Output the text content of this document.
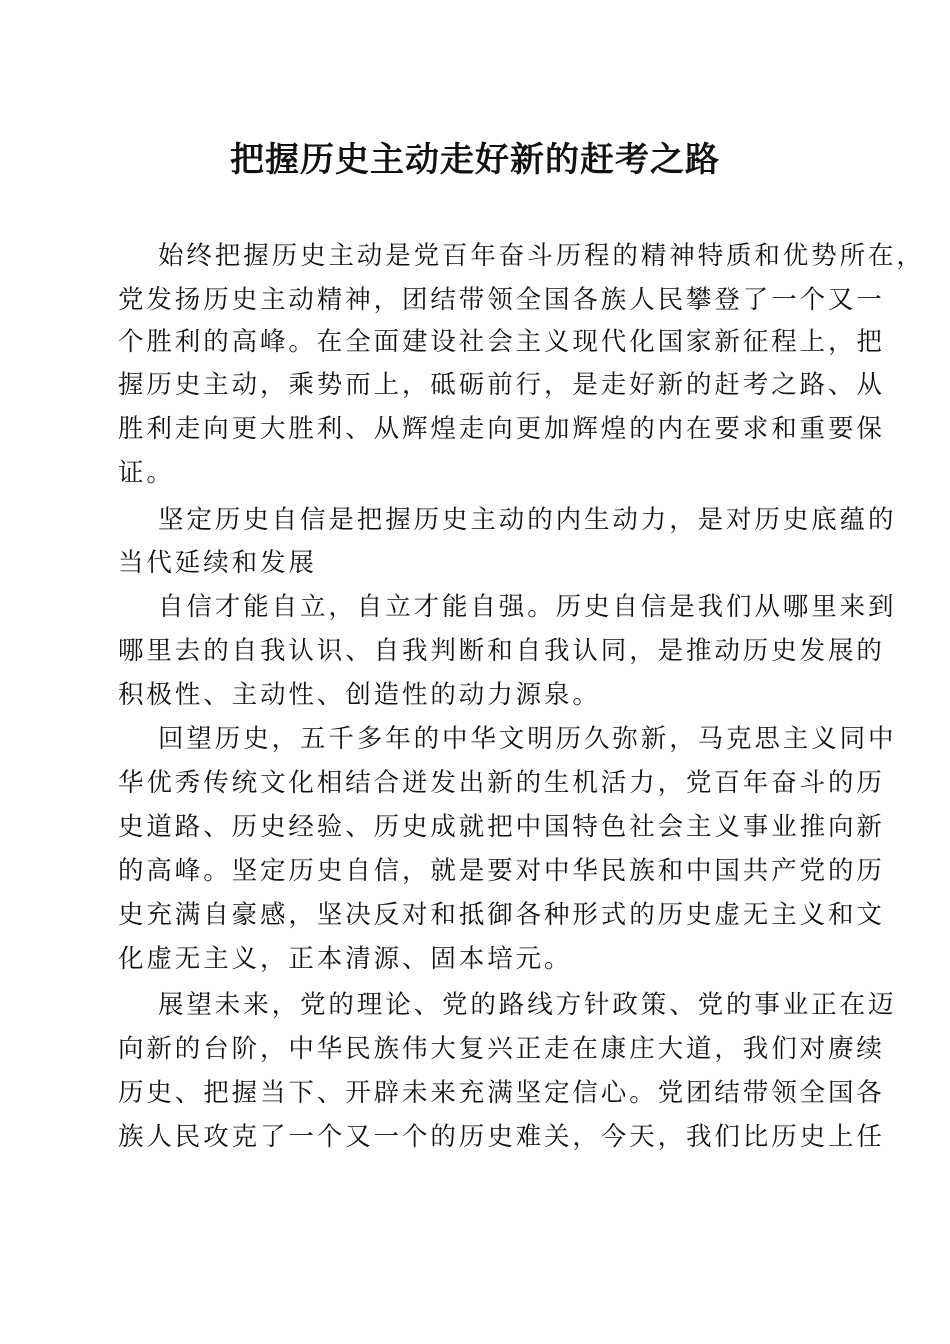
把握历史主动走好新的赶考之路
始终把握历史主动是党百年奋斗历程的精神特质和优势所在，
党发扬历史主动精神，团结带领全国各族人民攀登了一个又一
个胜利的高峰。在全面建设社会主义现代化国家新征程上，把
握历史主动，乘势而上，砥砺前行，是走好新的赶考之路、从
胜利走向更大胜利、从辉煌走向更加辉煌的内在要求和重要保
证。
坚定历史自信是把握历史主动的内生动力，是对历史底蕴的
当代延续和发展
自信才能自立，自立才能自强。历史自信是我们从哪里来到
哪里去的自我认识、自我判断和自我认同，是推动历史发展的
积极性、主动性、创造性的动力源泉。
回望历史，五千多年的中华文明历久弥新，马克思主义同中
华优秀传统文化相结合迸发出新的生机活力，党百年奋斗的历
史道路、历史经验、历史成就把中国特色社会主义事业推向新
的高峰。坚定历史自信，就是要对中华民族和中国共产党的历
史充满自豪感，坚决反对和抵御各种形式的历史虚无主义和文
化虚无主义，正本清源、固本培元。
展望未来，党的理论、党的路线方针政策、党的事业正在迈
向新的台阶，中华民族伟大复兴正走在康庄大道，我们对赓续
历史、把握当下、开辟未来充满坚定信心。党团结带领全国各
族人民攻克了一个又一个的历史难关，今天，我们比历史上任
